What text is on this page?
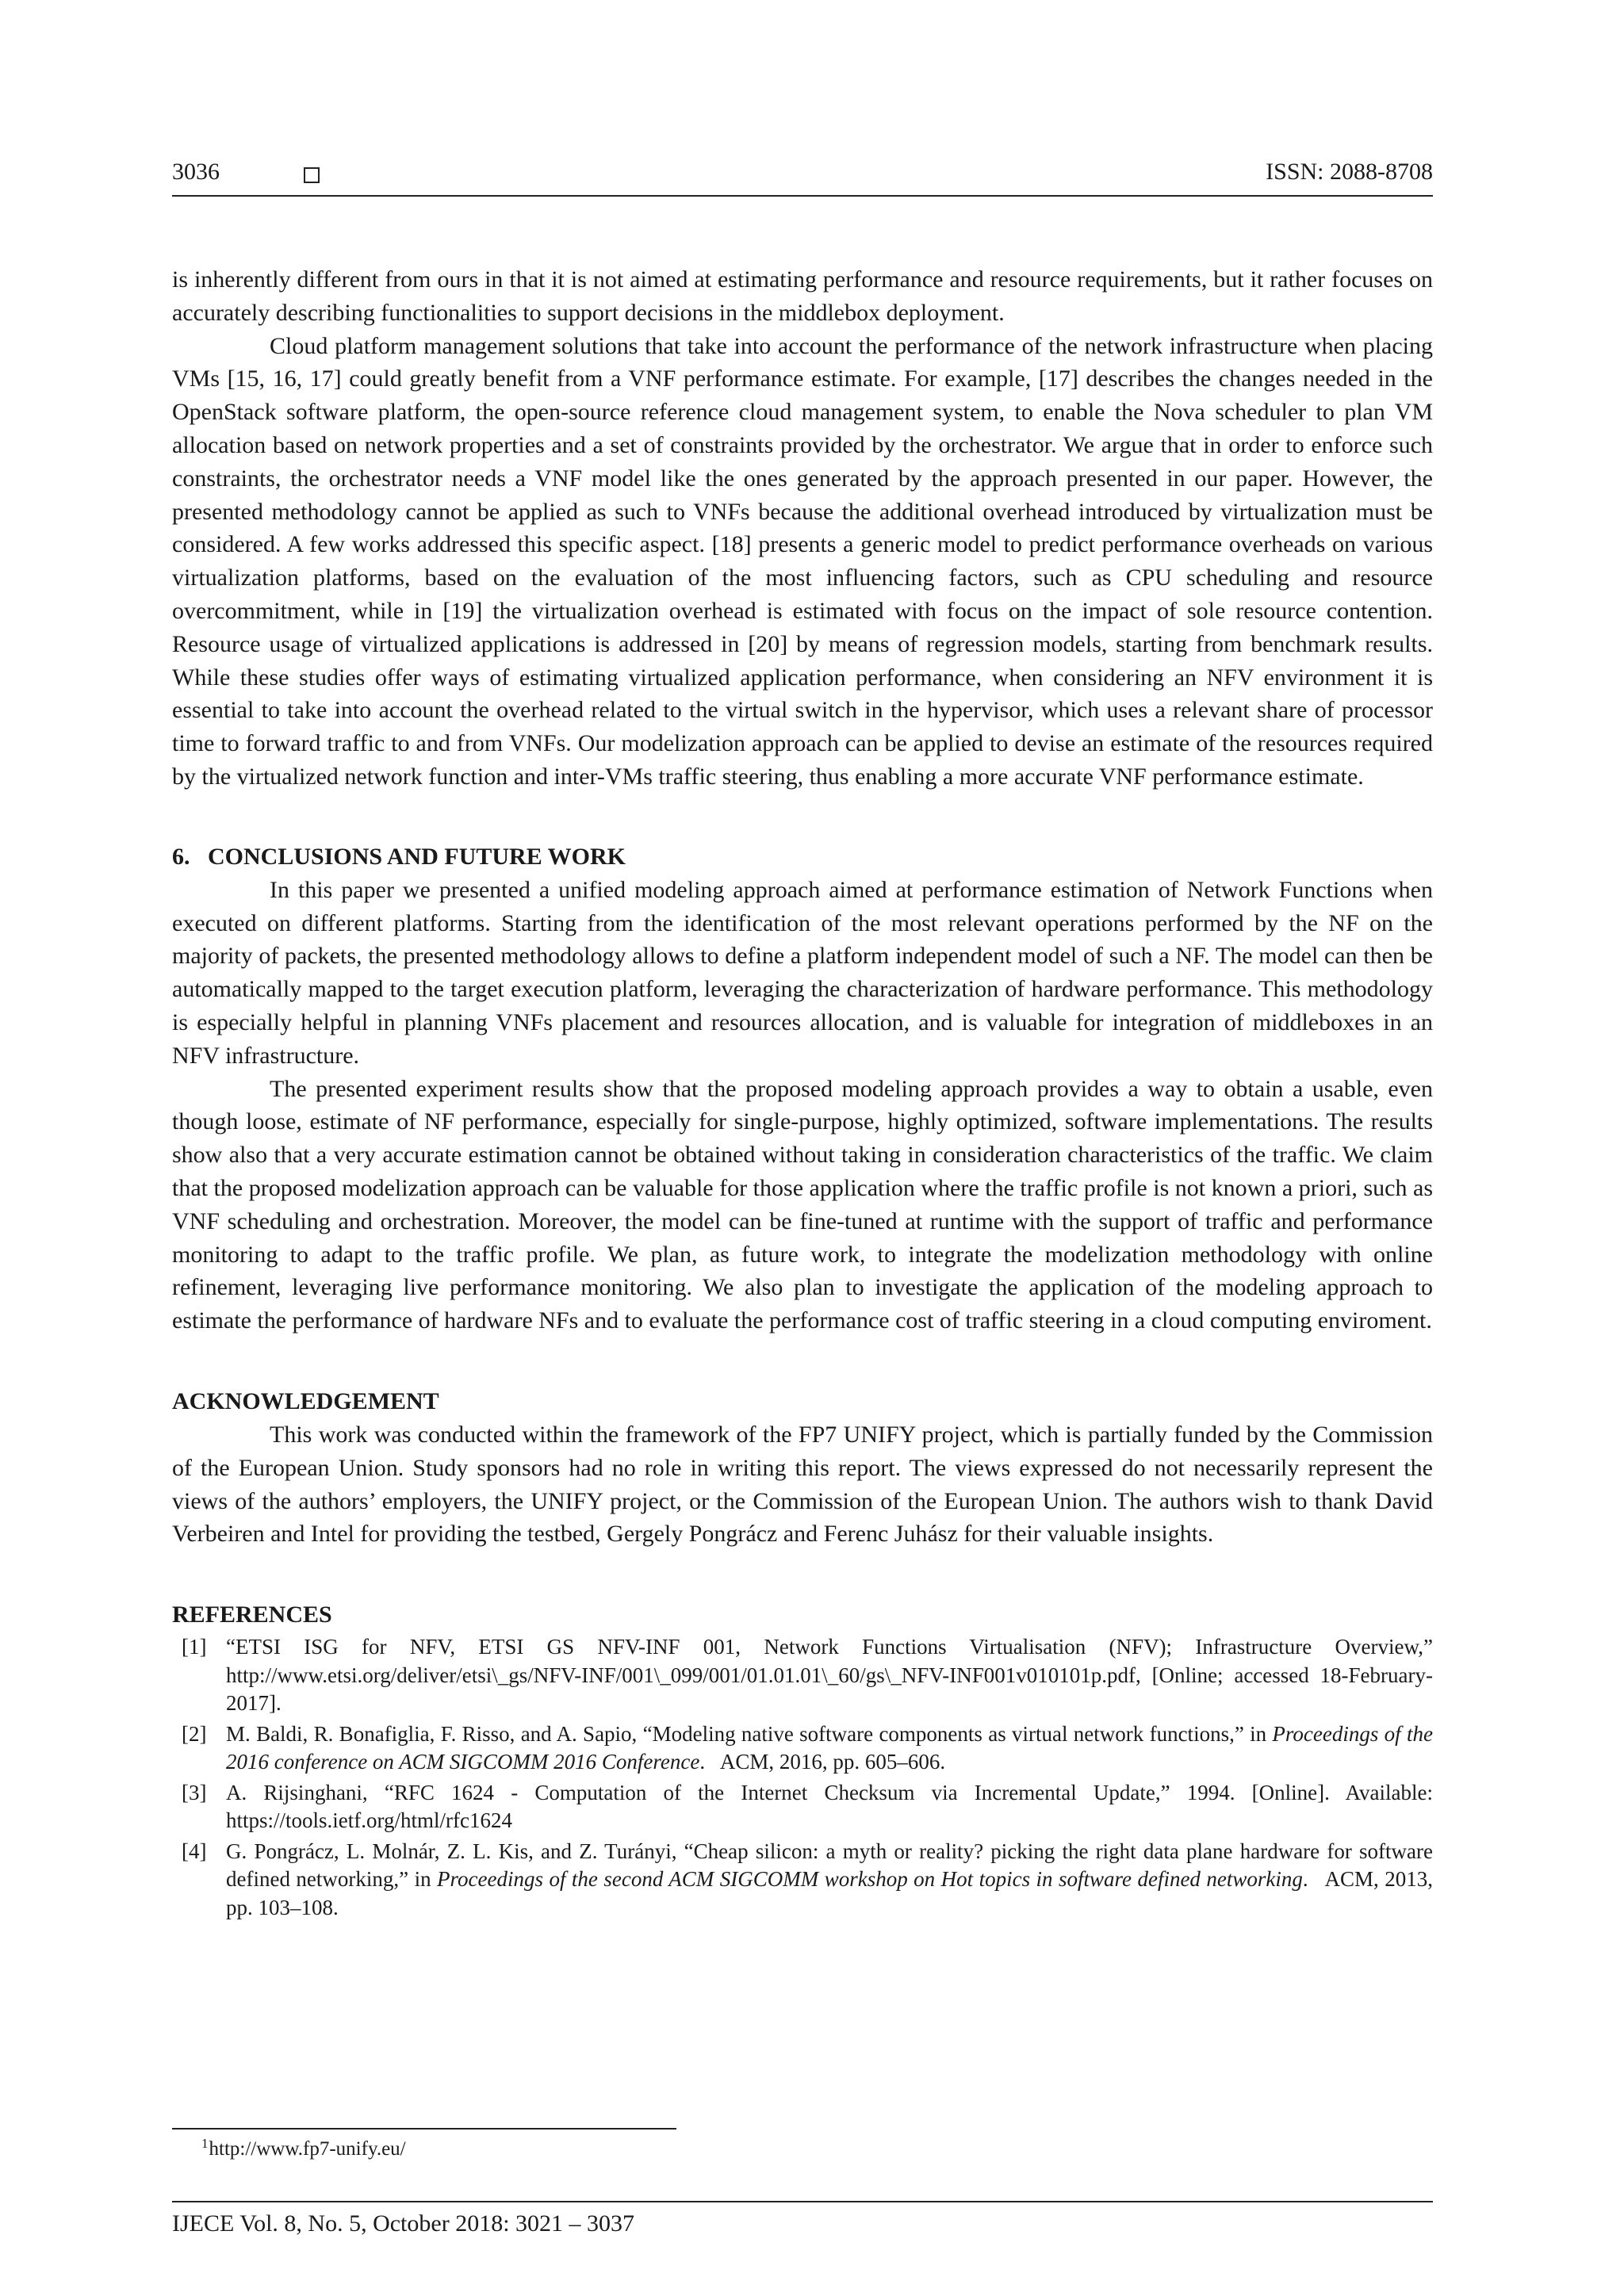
3036	ISSN: 2088-8708

is inherently different from ours in that it is not aimed at estimating performance and resource requirements, but it rather focuses on accurately describing functionalities to support decisions in the middlebox deployment.

Cloud platform management solutions that take into account the performance of the network infrastructure when placing VMs [15, 16, 17] could greatly benefit from a VNF performance estimate. For example, [17] describes the changes needed in the OpenStack software platform, the open-source reference cloud management system, to enable the Nova scheduler to plan VM allocation based on network properties and a set of constraints provided by the orchestrator. We argue that in order to enforce such constraints, the orchestrator needs a VNF model like the ones generated by the approach presented in our paper. However, the presented methodology cannot be applied as such to VNFs because the additional overhead introduced by virtualization must be considered. A few works addressed this specific aspect. [18] presents a generic model to predict performance overheads on various virtualization platforms, based on the evaluation of the most influencing factors, such as CPU scheduling and resource overcommitment, while in [19] the virtualization overhead is estimated with focus on the impact of sole resource contention. Resource usage of virtualized applications is addressed in [20] by means of regression models, starting from benchmark results. While these studies offer ways of estimating virtualized application performance, when considering an NFV environment it is essential to take into account the overhead related to the virtual switch in the hypervisor, which uses a relevant share of processor time to forward traffic to and from VNFs. Our modelization approach can be applied to devise an estimate of the resources required by the virtualized network function and inter-VMs traffic steering, thus enabling a more accurate VNF performance estimate.

6.   CONCLUSIONS AND FUTURE WORK

In this paper we presented a unified modeling approach aimed at performance estimation of Network Functions when executed on different platforms. Starting from the identification of the most relevant operations performed by the NF on the majority of packets, the presented methodology allows to define a platform independent model of such a NF. The model can then be automatically mapped to the target execution platform, leveraging the characterization of hardware performance. This methodology is especially helpful in planning VNFs placement and resources allocation, and is valuable for integration of middleboxes in an NFV infrastructure.

The presented experiment results show that the proposed modeling approach provides a way to obtain a usable, even though loose, estimate of NF performance, especially for single-purpose, highly optimized, software implementations. The results show also that a very accurate estimation cannot be obtained without taking in consideration characteristics of the traffic. We claim that the proposed modelization approach can be valuable for those application where the traffic profile is not known a priori, such as VNF scheduling and orchestration. Moreover, the model can be fine-tuned at runtime with the support of traffic and performance monitoring to adapt to the traffic profile. We plan, as future work, to integrate the modelization methodology with online refinement, leveraging live performance monitoring. We also plan to investigate the application of the modeling approach to estimate the performance of hardware NFs and to evaluate the performance cost of traffic steering in a cloud computing enviroment.

ACKNOWLEDGEMENT

This work was conducted within the framework of the FP7 UNIFY project, which is partially funded by the Commission of the European Union. Study sponsors had no role in writing this report. The views expressed do not necessarily represent the views of the authors’ employers, the UNIFY project, or the Commission of the European Union. The authors wish to thank David Verbeiren and Intel for providing the testbed, Gergely Pongrácz and Ferenc Juhász for their valuable insights.

REFERENCES
[1] “ETSI ISG for NFV, ETSI GS NFV-INF 001, Network Functions Virtualisation (NFV); Infrastructure Overview,” http://www.etsi.org/deliver/etsi\_gs/NFV-INF/001\_099/001/01.01.01\_60/gs\_NFV-INF001v010101p.pdf, [Online; accessed 18-February-2017].
[2] M. Baldi, R. Bonafiglia, F. Risso, and A. Sapio, “Modeling native software components as virtual network functions,” in Proceedings of the 2016 conference on ACM SIGCOMM 2016 Conference.   ACM, 2016, pp. 605–606.
[3] A. Rijsinghani, “RFC 1624 - Computation of the Internet Checksum via Incremental Update,” 1994. [Online]. Available: https://tools.ietf.org/html/rfc1624
[4] G. Pongrácz, L. Molnár, Z. L. Kis, and Z. Turányi, “Cheap silicon: a myth or reality? picking the right data plane hardware for software defined networking,” in Proceedings of the second ACM SIGCOMM workshop on Hot topics in software defined networking.   ACM, 2013, pp. 103–108.
$^1$http://www.fp7-unify.eu/
IJECE Vol. 8, No. 5, October 2018: 3021 – 3037
